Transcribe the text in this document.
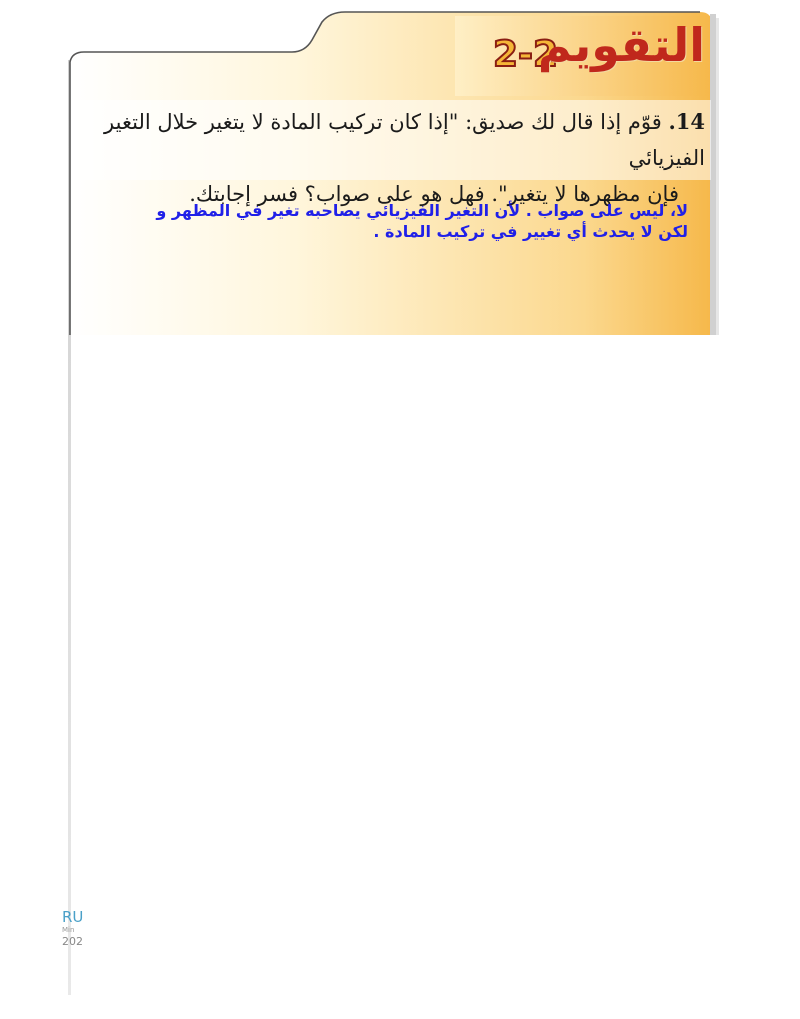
2-2
التقويم
14. قوّم إذا قال لك صديق: "إذا كان تركيب المادة لا يتغير خلال التغير الفيزيائي
فإن مظهرها لا يتغير". فهل هو على صواب؟ فسر إجابتك.
لا، ليس على صواب . لأن التغير الفيزيائي يصاحبه تغير في المظهر و لكن لا يحدث أي تغيير في تركيب المادة .
RU
Min
202
